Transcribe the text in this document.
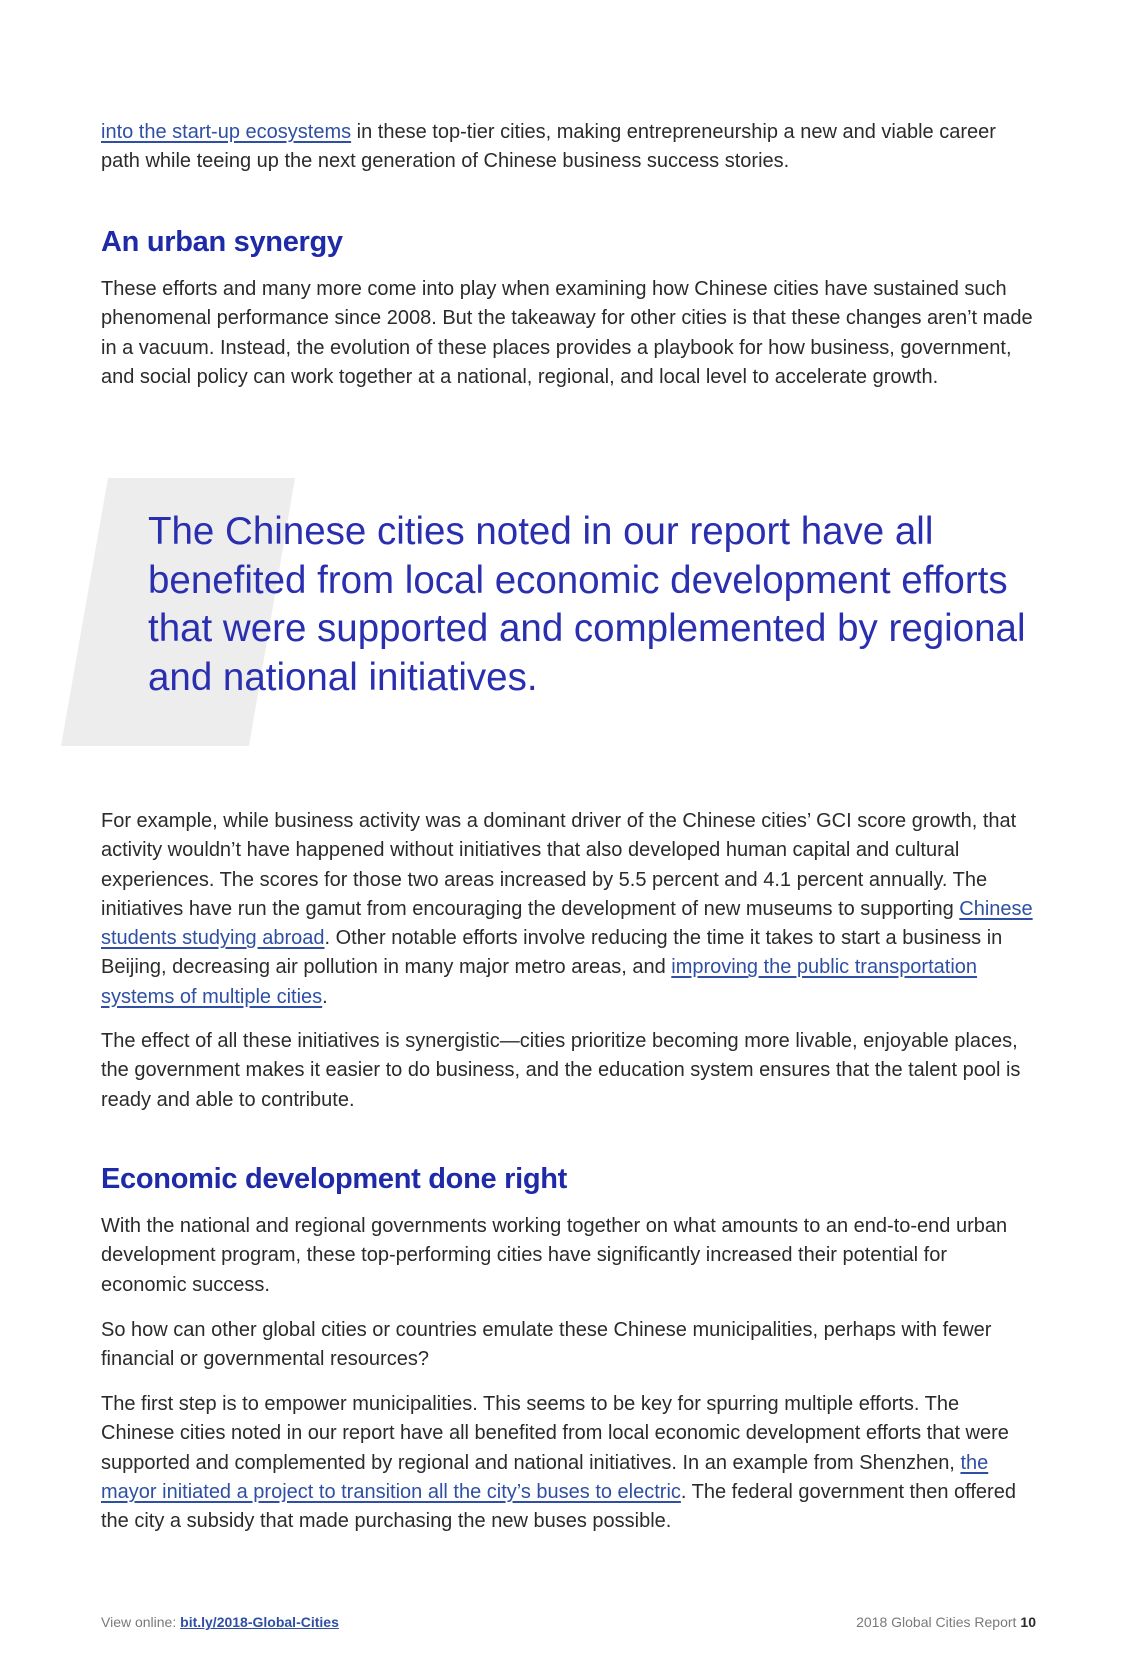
into the start-up ecosystems in these top-tier cities, making entrepreneurship a new and viable career path while teeing up the next generation of Chinese business success stories.

An urban synergy

These efforts and many more come into play when examining how Chinese cities have sustained such phenomenal performance since 2008. But the takeaway for other cities is that these changes aren’t made in a vacuum. Instead, the evolution of these places provides a playbook for how business, government, and social policy can work together at a national, regional, and local level to accelerate growth.

The Chinese cities noted in our report have all benefited from local economic development efforts that were supported and complemented by regional and national initiatives.

For example, while business activity was a dominant driver of the Chinese cities’ GCI score growth, that activity wouldn’t have happened without initiatives that also developed human capital and cultural experiences. The scores for those two areas increased by 5.5 percent and 4.1 percent annually. The initiatives have run the gamut from encouraging the development of new museums to supporting Chinese students studying abroad. Other notable efforts involve reducing the time it takes to start a business in Beijing, decreasing air pollution in many major metro areas, and improving the public transportation systems of multiple cities.

The effect of all these initiatives is synergistic—cities prioritize becoming more livable, enjoyable places, the government makes it easier to do business, and the education system ensures that the talent pool is ready and able to contribute.

Economic development done right

With the national and regional governments working together on what amounts to an end-to-end urban development program, these top-performing cities have significantly increased their potential for economic success.

So how can other global cities or countries emulate these Chinese municipalities, perhaps with fewer financial or governmental resources?

The first step is to empower municipalities. This seems to be key for spurring multiple efforts. The Chinese cities noted in our report have all benefited from local economic development efforts that were supported and complemented by regional and national initiatives. In an example from Shenzhen, the mayor initiated a project to transition all the city’s buses to electric. The federal government then offered the city a subsidy that made purchasing the new buses possible.

View online: bit.ly/2018-Global-Cities	2018 Global Cities Report 10
